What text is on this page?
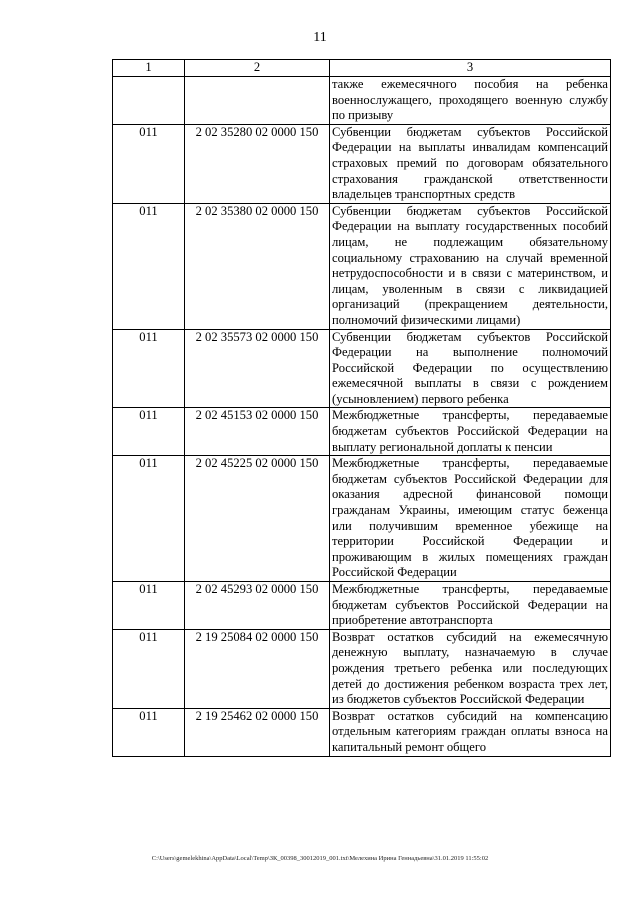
11
1	2	3
		также ежемесячного пособия на ребенка военнослужащего, проходящего военную службу по призыву
011	2 02 35280 02 0000 150	Субвенции бюджетам субъектов Российской Федерации на выплаты инвалидам компенсаций страховых премий по договорам обязательного страхования гражданской ответственности владельцев транспортных средств
011	2 02 35380 02 0000 150	Субвенции бюджетам субъектов Российской Федерации на выплату государственных пособий лицам, не подлежащим обязательному социальному страхованию на случай временной нетрудоспособности и в связи с материнством, и лицам, уволенным в связи с ликвидацией организаций (прекращением деятельности, полномочий физическими лицами)
011	2 02 35573 02 0000 150	Субвенции бюджетам субъектов Российской Федерации на выполнение полномочий Российской Федерации по осуществлению ежемесячной выплаты в связи с рождением (усыновлением) первого ребенка
011	2 02 45153 02 0000 150	Межбюджетные трансферты, передаваемые бюджетам субъектов Российской Федерации на выплату региональной доплаты к пенсии
011	2 02 45225 02 0000 150	Межбюджетные трансферты, передаваемые бюджетам субъектов Российской Федерации для оказания адресной финансовой помощи гражданам Украины, имеющим статус беженца или получившим временное убежище на территории Российской Федерации и проживающим в жилых помещениях граждан Российской Федерации
011	2 02 45293 02 0000 150	Межбюджетные трансферты, передаваемые бюджетам субъектов Российской Федерации на приобретение автотранспорта
011	2 19 25084 02 0000 150	Возврат остатков субсидий на ежемесячную денежную выплату, назначаемую в случае рождения третьего ребенка или последующих детей до достижения ребенком возраста трех лет, из бюджетов субъектов Российской Федерации
011	2 19 25462 02 0000 150	Возврат остатков субсидий на компенсацию отдельным категориям граждан оплаты взноса на капитальный ремонт общего
C:\Users\gemelekhina\AppData\Local\Temp\ЗК_00398_30012019_001.txt\Мелехина Ирина Геннадьевна\31.01.2019 11:55:02
